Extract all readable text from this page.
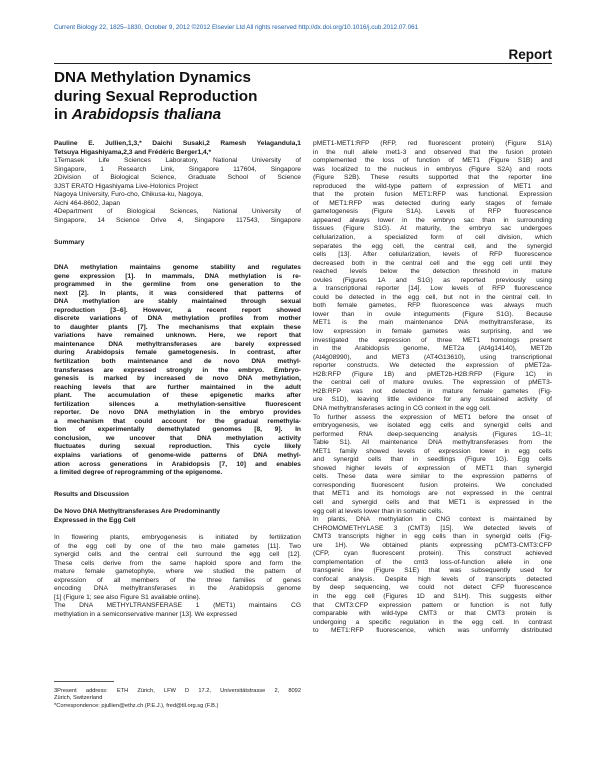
Current Biology 22, 1825–1830, October 9, 2012 ©2012 Elsevier Ltd All rights reserved http://dx.doi.org/10.1016/j.cub.2012.07.061
Report
DNA Methylation Dynamics
during Sexual Reproduction
in Arabidopsis thaliana
Pauline E. Jullien,1,3,* Daichi Susaki,2 Ramesh Yelagandula,1
Tetsuya Higashiyama,2,3 and Frédéric Berger1,4,*
1Temasek Life Sciences Laboratory, National University of
Singapore, 1 Research Link, Singapore 117604, Singapore
2Division of Biological Science, Graduate School of Science
3JST ERATO Higashiyama Live-Holonics Project
Nagoya University, Furo-cho, Chikusa-ku, Nagoya,
Aichi 464-8602, Japan
4Department of Biological Sciences, National University of
Singapore, 14 Science Drive 4, Singapore 117543, Singapore
Summary
DNA methylation maintains genome stability and regulates
gene expression [1]. In mammals, DNA methylation is re-
programmed in the germline from one generation to the
next [2]. In plants, it was considered that patterns of
DNA methylation are stably maintained through sexual
reproduction [3–6]. However, a recent report showed
discrete variations of DNA methylation profiles from mother
to daughter plants [7]. The mechanisms that explain these
variations have remained unknown. Here, we report that
maintenance DNA methyltransferases are barely expressed
during Arabidopsis female gametogenesis. In contrast, after
fertilization both maintenance and de novo DNA methyl-
transferases are expressed strongly in the embryo. Embryo-
genesis is marked by increased de novo DNA methylation,
reaching levels that are further maintained in the adult
plant. The accumulation of these epigenetic marks after
fertilization silences a methylation-sensitive fluorescent
reporter. De novo DNA methylation in the embryo provides
a mechanism that could account for the gradual remethyla-
tion of experimentally demethylated genomes [8, 9]. In
conclusion, we uncover that DNA methylation activity
fluctuates during sexual reproduction. This cycle likely
explains variations of genome-wide patterns of DNA methyl-
ation across generations in Arabidopsis [7, 10] and enables
a limited degree of reprogramming of the epigenome.
Results and Discussion
De Novo DNA Methyltransferases Are Predominantly
Expressed in the Egg Cell
In flowering plants, embryogenesis is initiated by fertilization
of the egg cell by one of the two male gametes [11]. Two
synergid cells and the central cell surround the egg cell [12].
These cells derive from the same haploid spore and form the
mature female gametophyte, where we studied the pattern of
expression of all members of the three families of genes
encoding DNA methyltransferases in the Arabidopsis genome
[1] (Figure 1; see also Figure S1 available online).
The DNA METHYLTRANSFERASE 1 (MET1) maintains CG
methylation in a semiconservative manner [13]. We expressed
3Present address: ETH Zürich, LFW D 17.2, Universitätstrasse 2, 8092
Zürich, Switzerland
*Correspondence: pjullien@ethz.ch (P.E.J.), fred@tll.org.sg (F.B.)
pMET1-MET1:RFP (RFP, red fluorescent protein) (Figure S1A)
in the null allele met1-3 and observed that the fusion protein
complemented the loss of function of MET1 (Figure S1B) and
was localized to the nucleus in embryos (Figure S2A) and roots
(Figure S2B). These results supported that the reporter line
reproduced the wild-type pattern of expression of MET1 and
that the protein fusion MET1:RFP was functional. Expression
of MET1:RFP was detected during early stages of female
gametogenesis (Figure S1A). Levels of RFP fluorescence
appeared always lower in the embryo sac than in surrounding
tissues (Figure S1G). At maturity, the embryo sac undergoes
cellularization, a specialized form of cell division, which
separates the egg cell, the central cell, and the synergid
cells [13]. After cellularization, levels of RFP fluorescence
decreased both in the central cell and the egg cell until they
reached levels below the detection threshold in mature
ovules (Figures 1A and S1G) as reported previously using
a transcriptional reporter [14]. Low levels of RFP fluorescence
could be detected in the egg cell, but not in the central cell. In
both female gametes, RFP fluorescence was always much
lower than in ovule integuments (Figure S1G). Because
MET1 is the main maintenance DNA methyltransferase, its
low expression in female gametes was surprising, and we
investigated the expression of three MET1 homologs present
in the Arabidopsis genome, MET2a (At4g14140), MET2b
(At4g08990), and MET3 (AT4G13610), using transcriptional
reporter constructs. We detected the expression of pMET2a-
H2B:RFP (Figure 1B) and pMET2b-H2B:RFP (Figure 1C) in
the central cell of mature ovules. The expression of pMET3-
H2B:RFP was not detected in mature female gametes (Fig-
ure S1D), leaving little evidence for any sustained activity of
DNA methyltransferases acting in CG context in the egg cell.
To further assess the expression of MET1 before the onset of
embryogenesis, we isolated egg cells and synergid cells and
performed RNA deep-sequencing analysis (Figures 1G–1I;
Table S1). All maintenance DNA methyltransferases from the
MET1 family showed levels of expression lower in egg cells
and synergid cells than in seedlings (Figure 1G). Egg cells
showed higher levels of expression of MET1 than synergid
cells. These data were similar to the expression patterns of
corresponding fluorescent fusion proteins. We concluded
that MET1 and its homologs are not expressed in the central
cell and synergid cells and that MET1 is expressed in the
egg cell at levels lower than in somatic cells.
In plants, DNA methylation in CNG context is maintained by
CHROMOMETHYLASE 3 (CMT3) [15]. We detected levels of
CMT3 transcripts higher in egg cells than in synergid cells (Fig-
ure 1H). We obtained plants expressing pCMT3-CMT3:CFP
(CFP, cyan fluorescent protein). This construct achieved
complementation of the cmt3 loss-of-function allele in one
transgenic line (Figure S1E) that was subsequently used for
confocal analysis. Despite high levels of transcripts detected
by deep sequencing, we could not detect CFP fluorescence
in the egg cell (Figures 1D and S1H). This suggests either
that CMT3:CFP expression pattern or function is not fully
comparable with wild-type CMT3 or that CMT3 protein is
undergoing a specific regulation in the egg cell. In contrast
to MET1:RFP fluorescence, which was uniformly distributed
